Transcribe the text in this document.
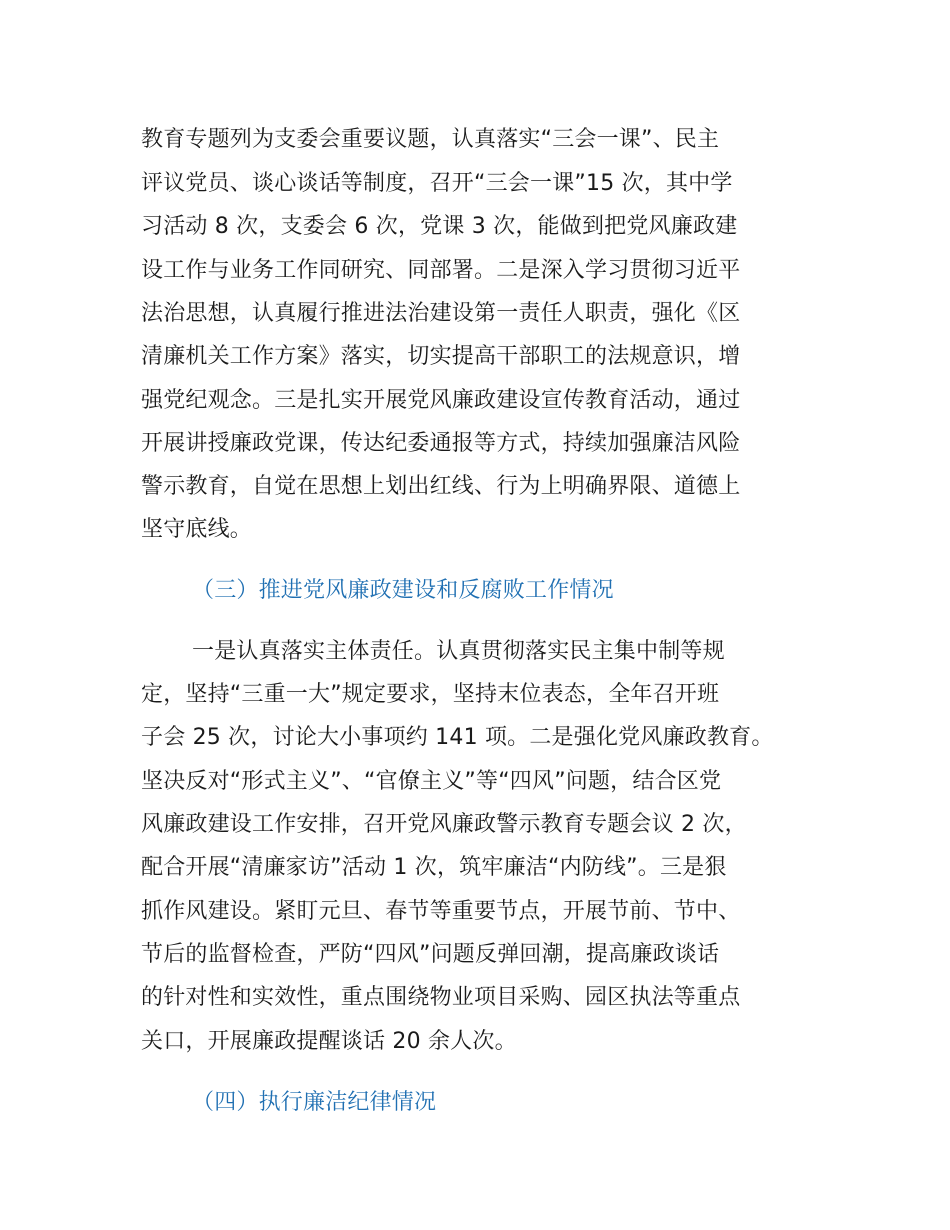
教育专题列为支委会重要议题，认真落实“三会一课”、民主
评议党员、谈心谈话等制度，召开“三会一课”15 次，其中学
习活动 8 次，支委会 6 次，党课 3 次，能做到把党风廉政建
设工作与业务工作同研究、同部署。二是深入学习贯彻习近平
法治思想，认真履行推进法治建设第一责任人职责，强化《区
清廉机关工作方案》落实，切实提高干部职工的法规意识，增
强党纪观念。三是扎实开展党风廉政建设宣传教育活动，通过
开展讲授廉政党课，传达纪委通报等方式，持续加强廉洁风险
警示教育，自觉在思想上划出红线、行为上明确界限、道德上
坚守底线。
（三）推进党风廉政建设和反腐败工作情况
一是认真落实主体责任。认真贯彻落实民主集中制等规
定，坚持“三重一大”规定要求，坚持末位表态，全年召开班
子会 25 次，讨论大小事项约 141 项。二是强化党风廉政教育。
坚决反对“形式主义”、“官僚主义”等“四风”问题，结合区党
风廉政建设工作安排，召开党风廉政警示教育专题会议 2 次，
配合开展“清廉家访”活动 1 次，筑牢廉洁“内防线”。三是狠
抓作风建设。紧盯元旦、春节等重要节点，开展节前、节中、
节后的监督检查，严防“四风”问题反弹回潮，提高廉政谈话
的针对性和实效性，重点围绕物业项目采购、园区执法等重点
关口，开展廉政提醒谈话 20 余人次。
（四）执行廉洁纪律情况
